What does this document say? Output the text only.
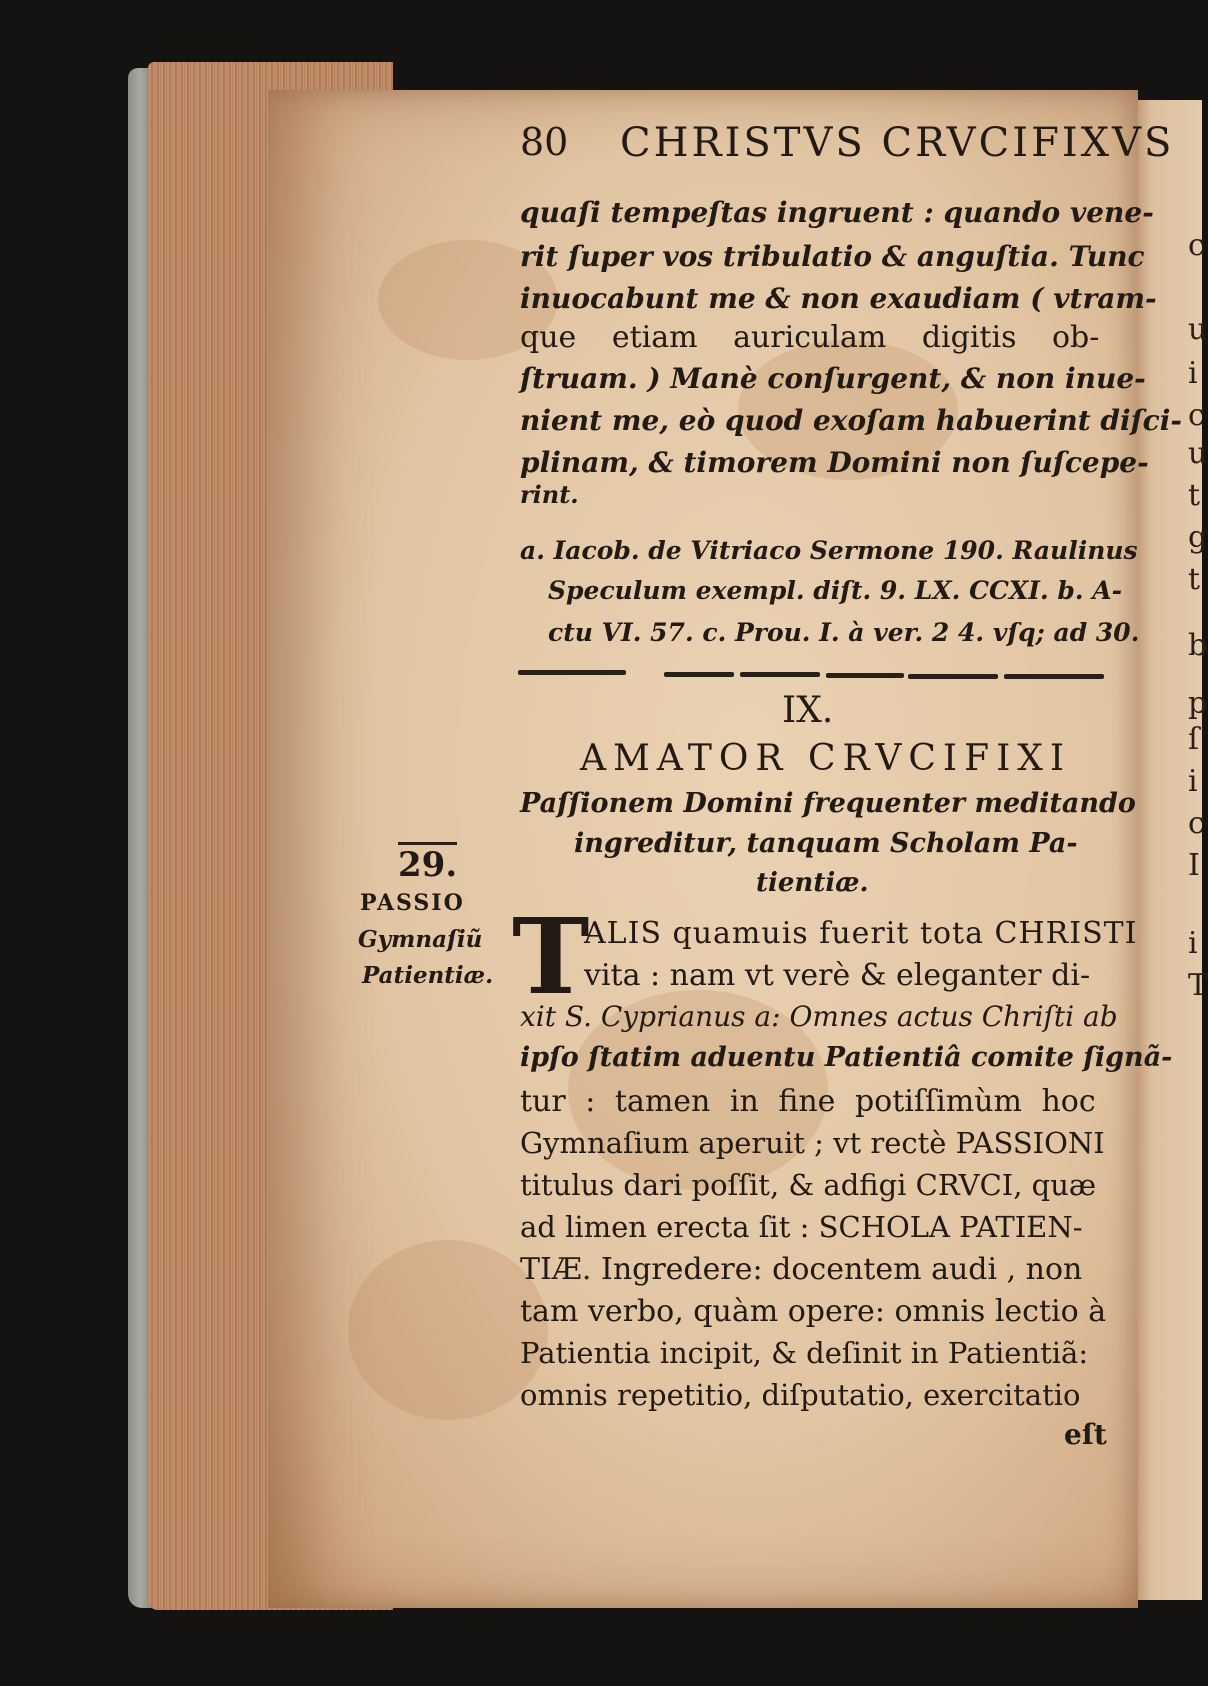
c
u
i
c
u
t
g
t
b
p
ſ
i
c
I
i
T
80 CHRISTVS CRVCIFIXVS
quaſi tempeſtas ingruent : quando vene-
rit ſuper vos tribulatio & anguſtia. Tunc
inuocabunt me & non exaudiam ( vtram-
que etiam auriculam digitis ob-
ſtruam. ) Manè conſurgent, & non inue-
nient me, eò quod exoſam habuerint diſci-
plinam, & timorem Domini non ſuſcepe-
rint.
a. Iacob. de Vitriaco Sermone 190. Raulinus
Speculum exempl. diſt. 9. LX. CCXI. b. A-
ctu VI. 57. c. Prou. I. à ver. 2 4. vſq; ad 30.
IX.
AMATOR CRVCIFIXI
Paſſionem Domini frequenter meditando
ingreditur, tanquam Scholam Pa-
tientiæ.
29.
PASSIO
Gymnaſiũ
Patientiæ. T
ALIS quamuis fuerit tota CHRISTI
vita : nam vt verè & eleganter di-
xit S. Cyprianus a: Omnes actus Chriſti ab
ipſo ſtatim aduentu Patientiâ comite ſignã-
tur : tamen in fine potiſſimùm hoc
Gymnaſium aperuit ; vt rectè PASSIONI
titulus dari poſſit, & adfigi CRVCI, quæ
ad limen erecta ſit : SCHOLA PATIEN-
TIÆ. Ingredere: docentem audi , non
tam verbo, quàm opere: omnis lectio à
Patientia incipit, & deſinit in Patientiã:
omnis repetitio, diſputatio, exercitatio
eſt
